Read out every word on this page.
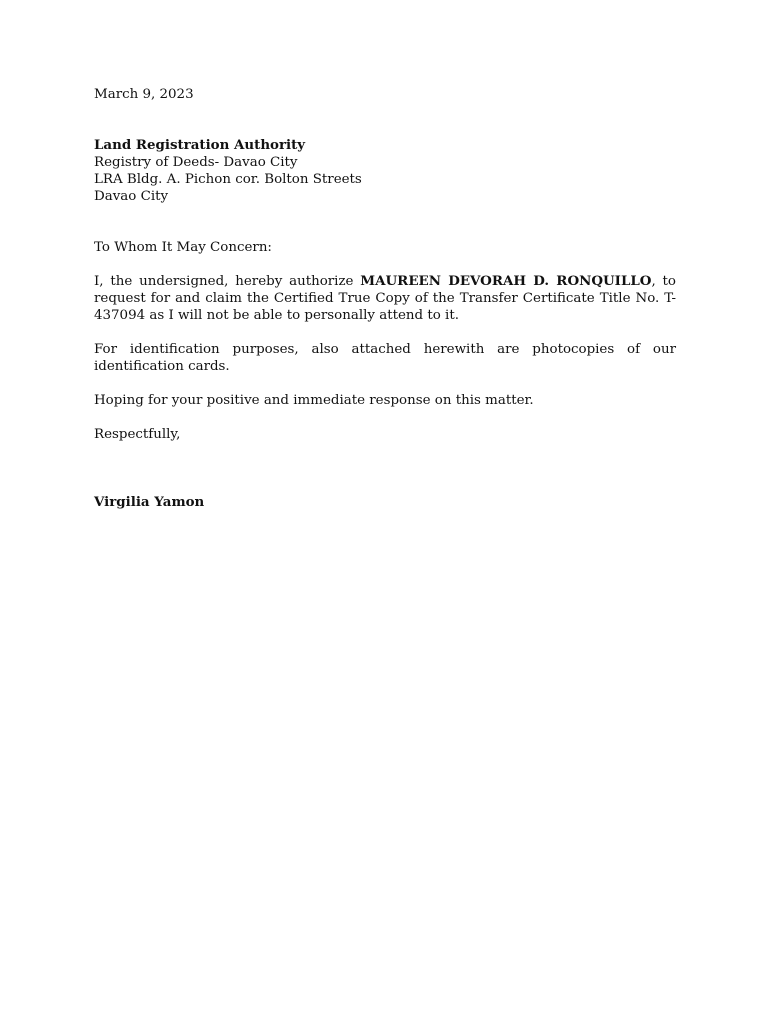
March 9, 2023
Land Registration Authority
Registry of Deeds- Davao City
LRA Bldg. A. Pichon cor. Bolton Streets
Davao City
To Whom It May Concern:

I, the undersigned, hereby authorize MAUREEN DEVORAH D. RONQUILLO, to request for and claim the Certified True Copy of the Transfer Certificate Title No. T-437094 as I will not be able to personally attend to it.

For identification purposes, also attached herewith are photocopies of our identification cards.

Hoping for your positive and immediate response on this matter.

Respectfully,
Virgilia Yamon
